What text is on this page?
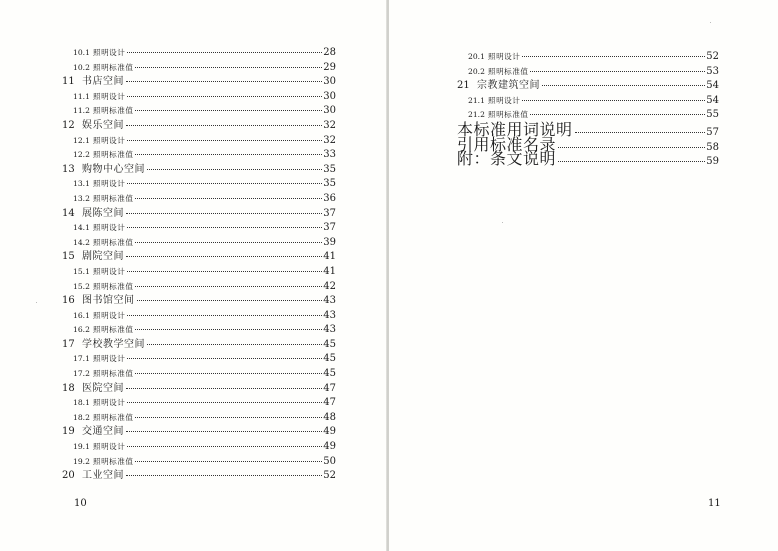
10.1 照明设计	28
10.2 照明标准值	29
11 书店空间	30
11.1 照明设计	30
11.2 照明标准值	30
12 娱乐空间	32
12.1 照明设计	32
12.2 照明标准值	33
13 购物中心空间	35
13.1 照明设计	35
13.2 照明标准值	36
14 展陈空间	37
14.1 照明设计	37
14.2 照明标准值	39
15 剧院空间	41
15.1 照明设计	41
15.2 照明标准值	42
16 图书馆空间	43
16.1 照明设计	43
16.2 照明标准值	43
17 学校教学空间	45
17.1 照明设计	45
17.2 照明标准值	45
18 医院空间	47
18.1 照明设计	47
18.2 照明标准值	48
19 交通空间	49
19.1 照明设计	49
19.2 照明标准值	50
20 工业空间	52
10
20.1 照明设计	52
20.2 照明标准值	53
21 宗教建筑空间	54
21.1 照明设计	54
21.2 照明标准值	55
本标准用词说明	57
引用标准名录	58
附：条文说明	59
11
